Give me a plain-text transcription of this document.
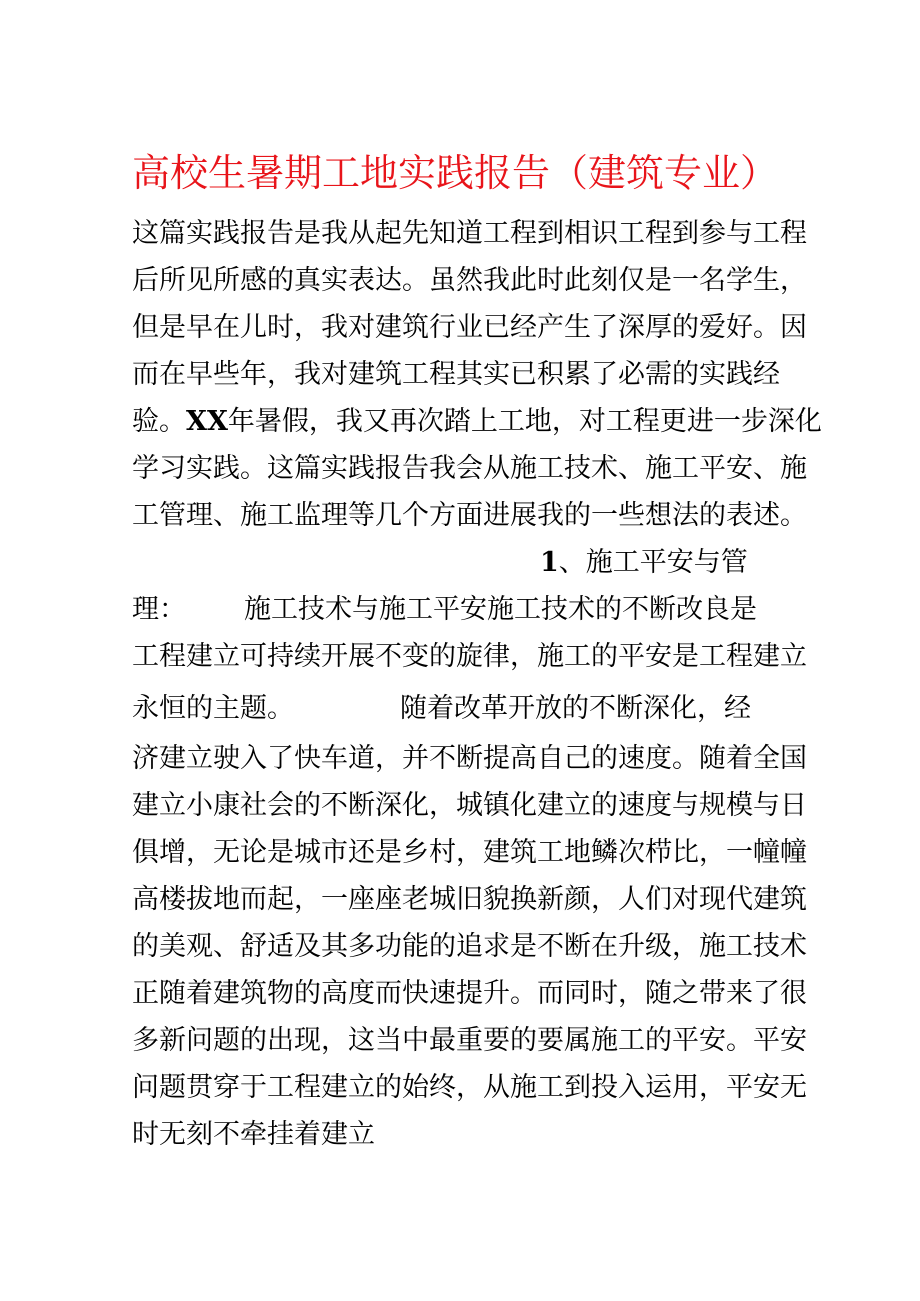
高校生暑期工地实践报告（建筑专业）
这篇实践报告是我从起先知道工程到相识工程到参与工程
后所见所感的真实表达。虽然我此时此刻仅是一名学生，
但是早在儿时，我对建筑行业已经产生了深厚的爱好。因
而在早些年，我对建筑工程其实已积累了必需的实践经
验。XX年暑假，我又再次踏上工地，对工程更进一步深化
学习实践。这篇实践报告我会从施工技术、施工平安、施
工管理、施工监理等几个方面进展我的一些想法的表述。
1、施工平安与管
理： 施工技术与施工平安施工技术的不断改良是
工程建立可持续开展不变的旋律，施工的平安是工程建立
永恒的主题。	随着改革开放的不断深化，经
济建立驶入了快车道，并不断提高自己的速度。随着全国
建立小康社会的不断深化，城镇化建立的速度与规模与日
俱增，无论是城市还是乡村，建筑工地鳞次栉比，一幢幢
高楼拔地而起，一座座老城旧貌换新颜，人们对现代建筑
的美观、舒适及其多功能的追求是不断在升级，施工技术
正随着建筑物的高度而快速提升。而同时，随之带来了很
多新问题的出现，这当中最重要的要属施工的平安。平安
问题贯穿于工程建立的始终，从施工到投入运用，平安无
时无刻不牵挂着建立
